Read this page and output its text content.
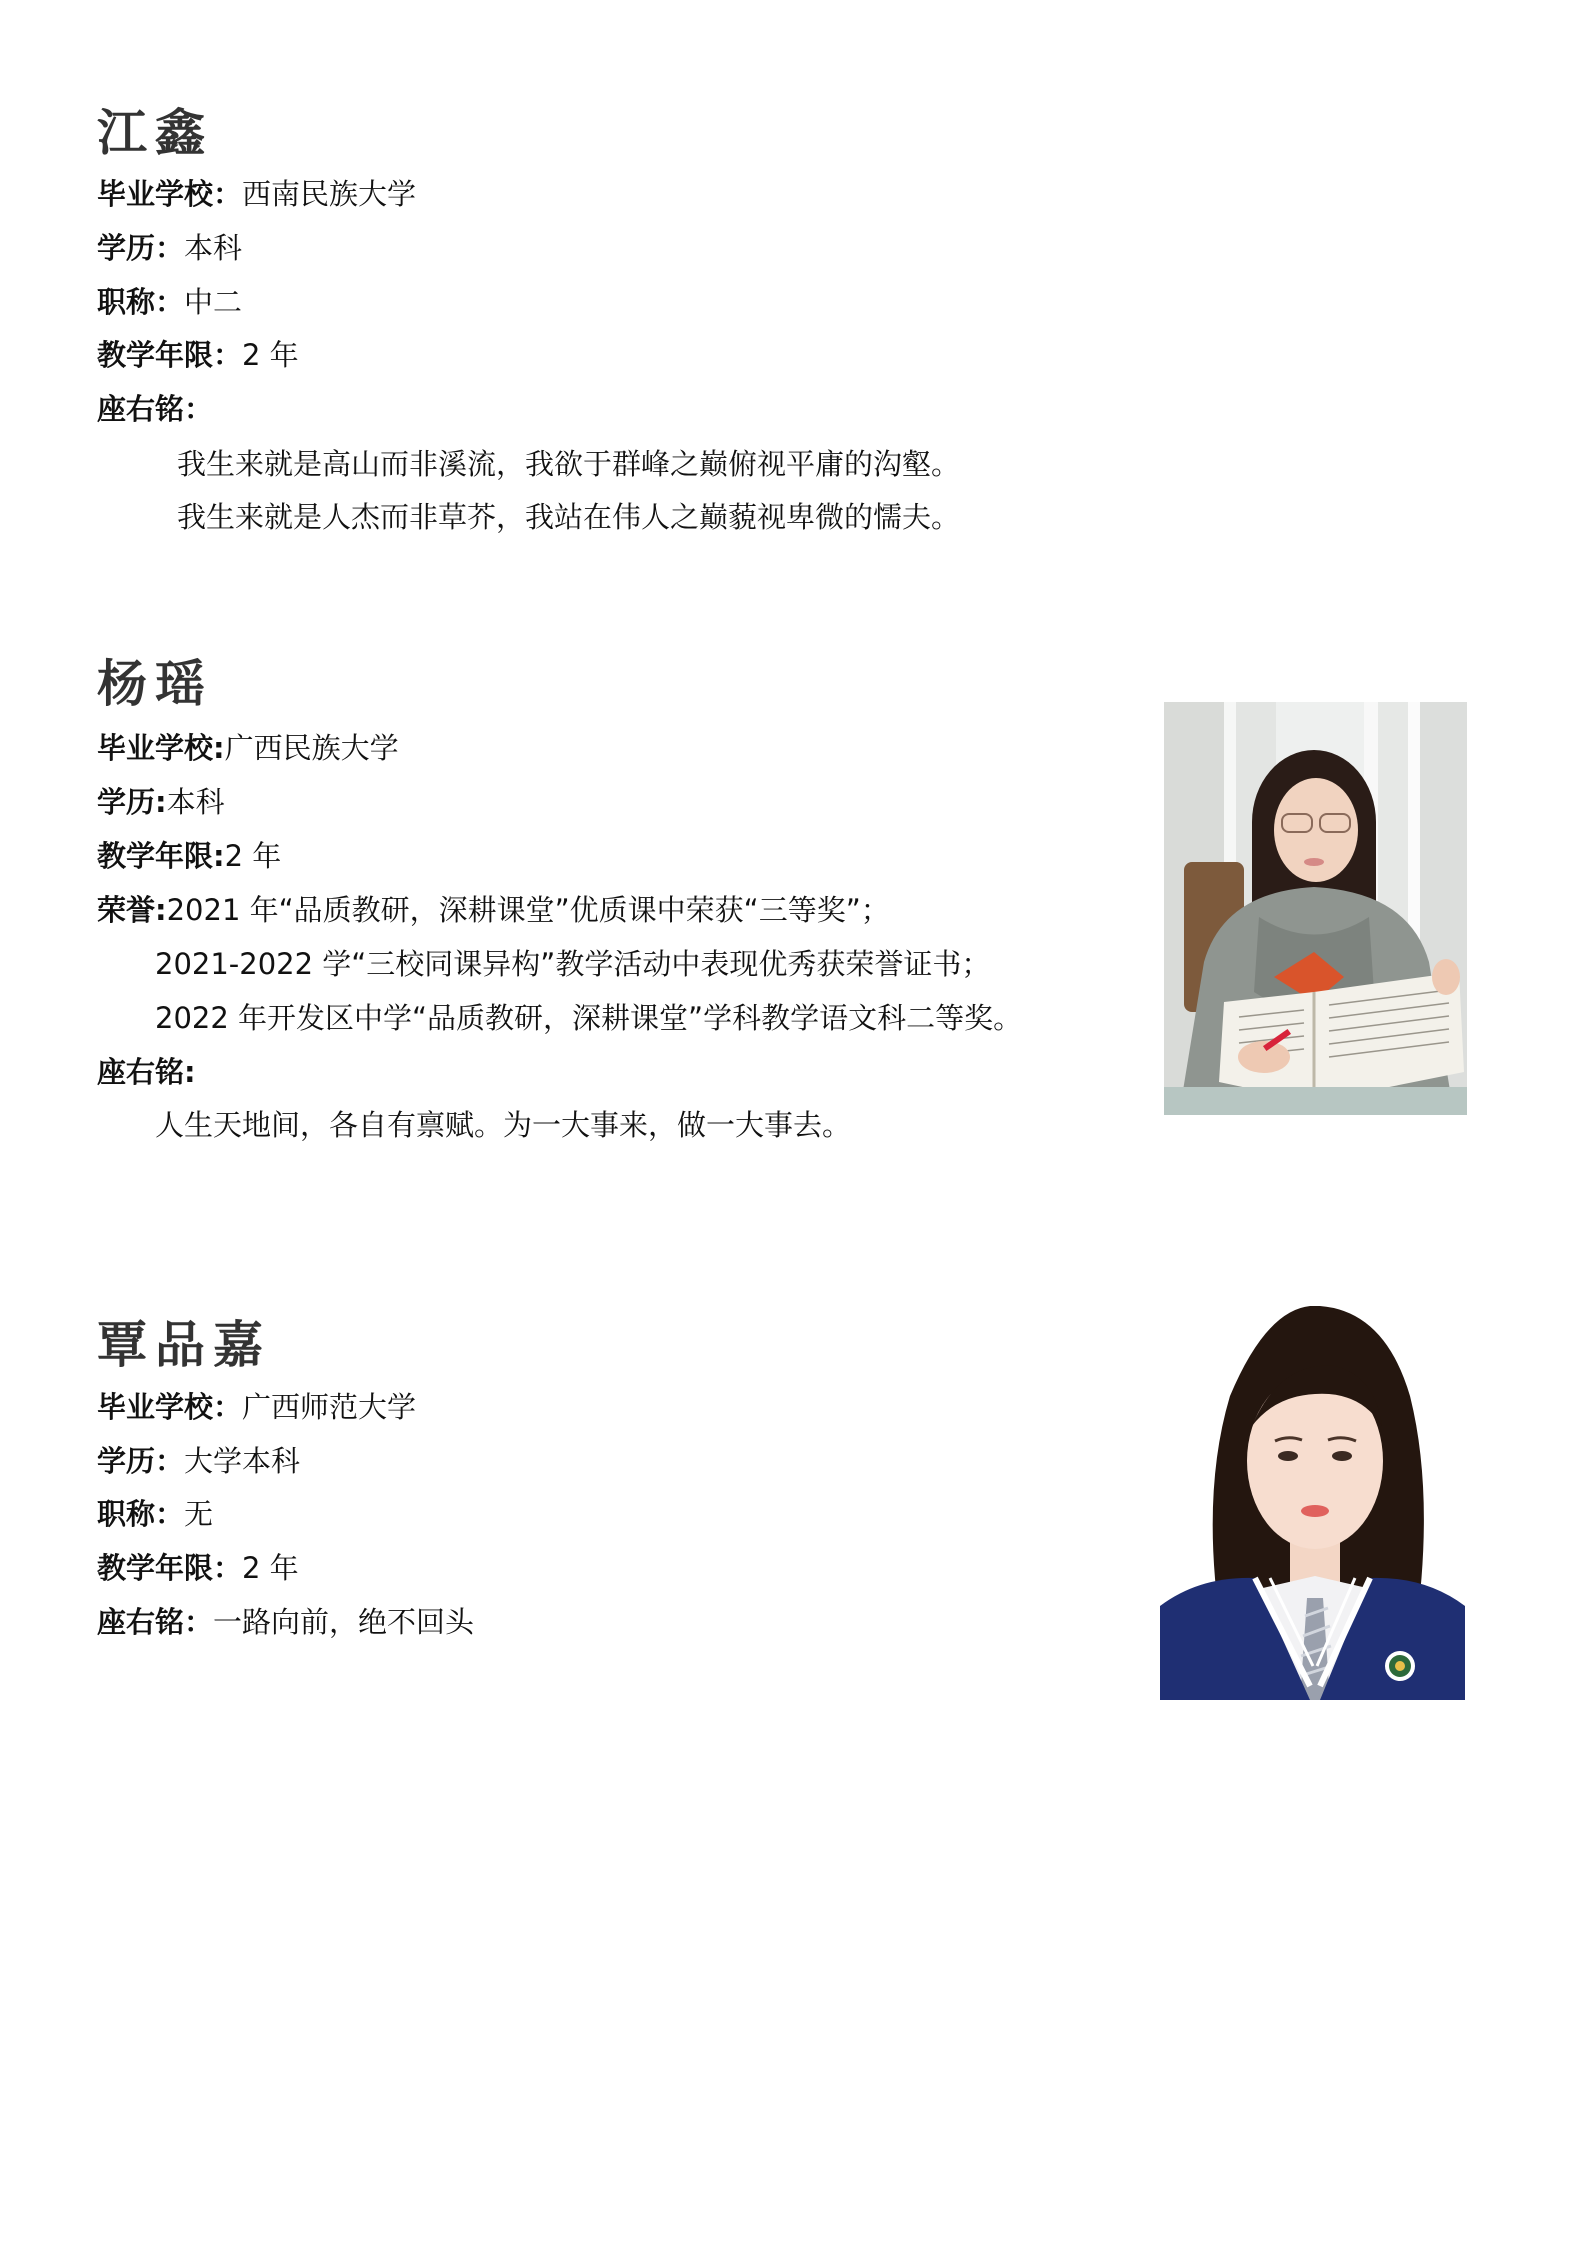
江鑫
毕业学校：西南民族大学
学历：本科
职称：中二
教学年限：2 年
座右铭：
我生来就是高山而非溪流，我欲于群峰之巅俯视平庸的沟壑。
我生来就是人杰而非草芥，我站在伟人之巅藐视卑微的懦夫。
杨瑶
毕业学校:广西民族大学
学历:本科
教学年限:2 年
荣誉:2021 年“品质教研，深耕课堂”优质课中荣获“三等奖”；
2021-2022 学“三校同课异构”教学活动中表现优秀获荣誉证书；
2022 年开发区中学“品质教研，深耕课堂”学科教学语文科二等奖。
座右铭:
人生天地间，各自有禀赋。为一大事来，做一大事去。
覃品嘉
毕业学校：广西师范大学
学历：大学本科
职称：无
教学年限：2 年
座右铭：一路向前，绝不回头
